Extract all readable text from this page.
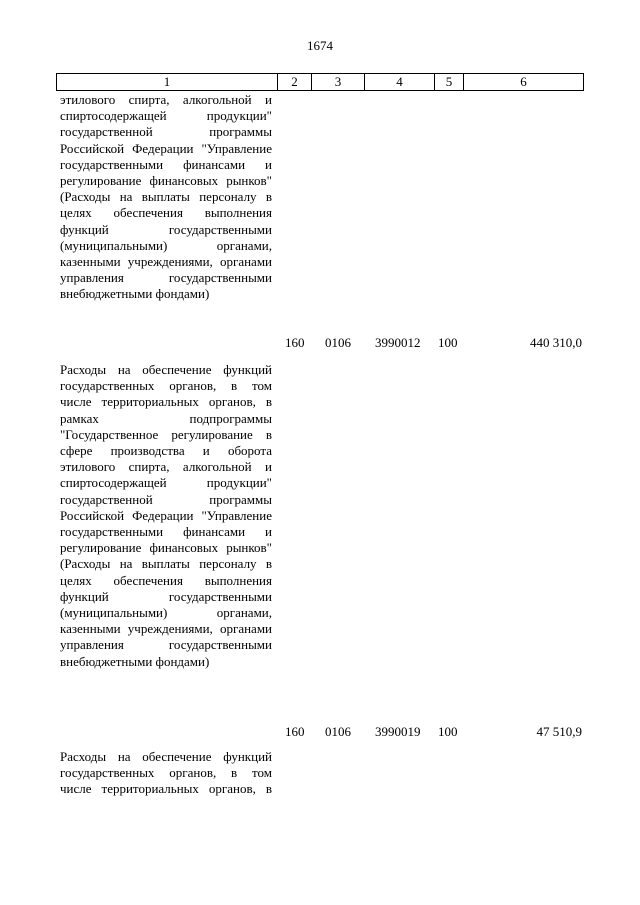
1674
1	2	3	4	5	6
этилового спирта, алкогольной и спиртосодержащей продукции" государственной программы Российской Федерации "Управление государственными финансами и регулирование финансовых рынков" (Расходы на выплаты персоналу в целях обеспечения выполнения функций государственными (муниципальными) органами, казенными учреждениями, органами управления государственными
внебюджетными фондами)
160 0106 3990012 100	440 310,0
Расходы на обеспечение функций государственных органов, в том числе территориальных органов, в рамках подпрограммы "Государственное регулирование в сфере производства и оборота этилового спирта, алкогольной и спиртосодержащей продукции" государственной программы Российской Федерации "Управление государственными финансами и регулирование финансовых рынков" (Расходы на выплаты персоналу в целях обеспечения выполнения функций государственными (муниципальными) органами, казенными учреждениями, органами управления государственными
внебюджетными фондами)
160 0106 3990019 100	47 510,9
Расходы на обеспечение функций государственных органов, в том числе территориальных органов, в
